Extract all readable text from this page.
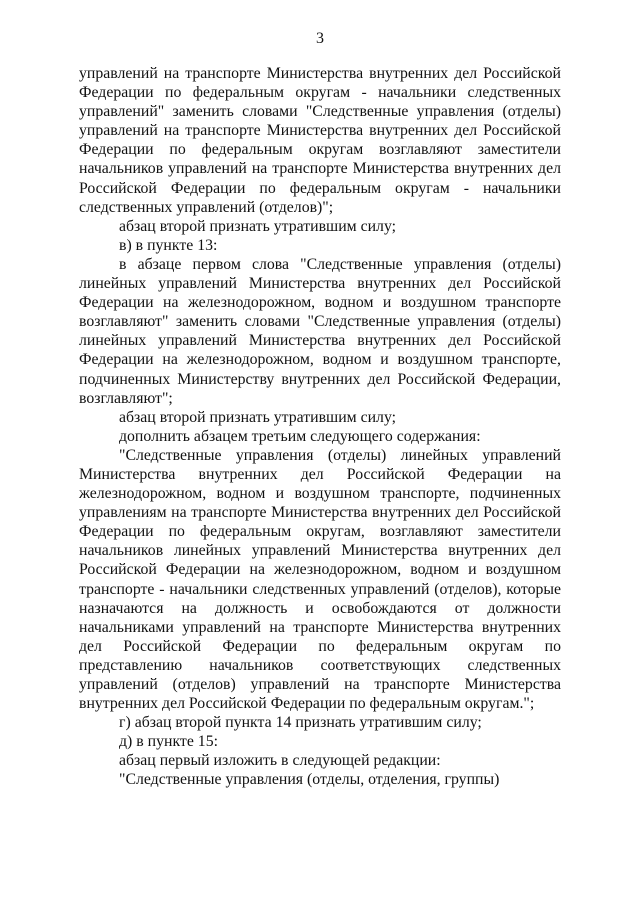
3

управлений на транспорте Министерства внутренних дел Российской Федерации по федеральным округам - начальники следственных управлений" заменить словами "Следственные управления (отделы) управлений на транспорте Министерства внутренних дел Российской Федерации по федеральным округам возглавляют заместители начальников управлений на транспорте Министерства внутренних дел Российской Федерации по федеральным округам - начальники следственных управлений (отделов)";

абзац второй признать утратившим силу;

в) в пункте 13:

в абзаце первом слова "Следственные управления (отделы) линейных управлений Министерства внутренних дел Российской Федерации на железнодорожном, водном и воздушном транспорте возглавляют" заменить словами "Следственные управления (отделы) линейных управлений Министерства внутренних дел Российской Федерации на железнодорожном, водном и воздушном транспорте, подчиненных Министерству внутренних дел Российской Федерации, возглавляют";

абзац второй признать утратившим силу;

дополнить абзацем третьим следующего содержания:

"Следственные управления (отделы) линейных управлений Министерства внутренних дел Российской Федерации на железнодорожном, водном и воздушном транспорте, подчиненных управлениям на транспорте Министерства внутренних дел Российской Федерации по федеральным округам, возглавляют заместители начальников линейных управлений Министерства внутренних дел Российской Федерации на железнодорожном, водном и воздушном транспорте - начальники следственных управлений (отделов), которые назначаются на должность и освобождаются от должности начальниками управлений на транспорте Министерства внутренних дел Российской Федерации по федеральным округам по представлению начальников соответствующих следственных управлений (отделов) управлений на транспорте Министерства внутренних дел Российской Федерации по федеральным округам.";

г) абзац второй пункта 14 признать утратившим силу;

д) в пункте 15:

абзац первый изложить в следующей редакции:

"Следственные управления (отделы, отделения, группы)
